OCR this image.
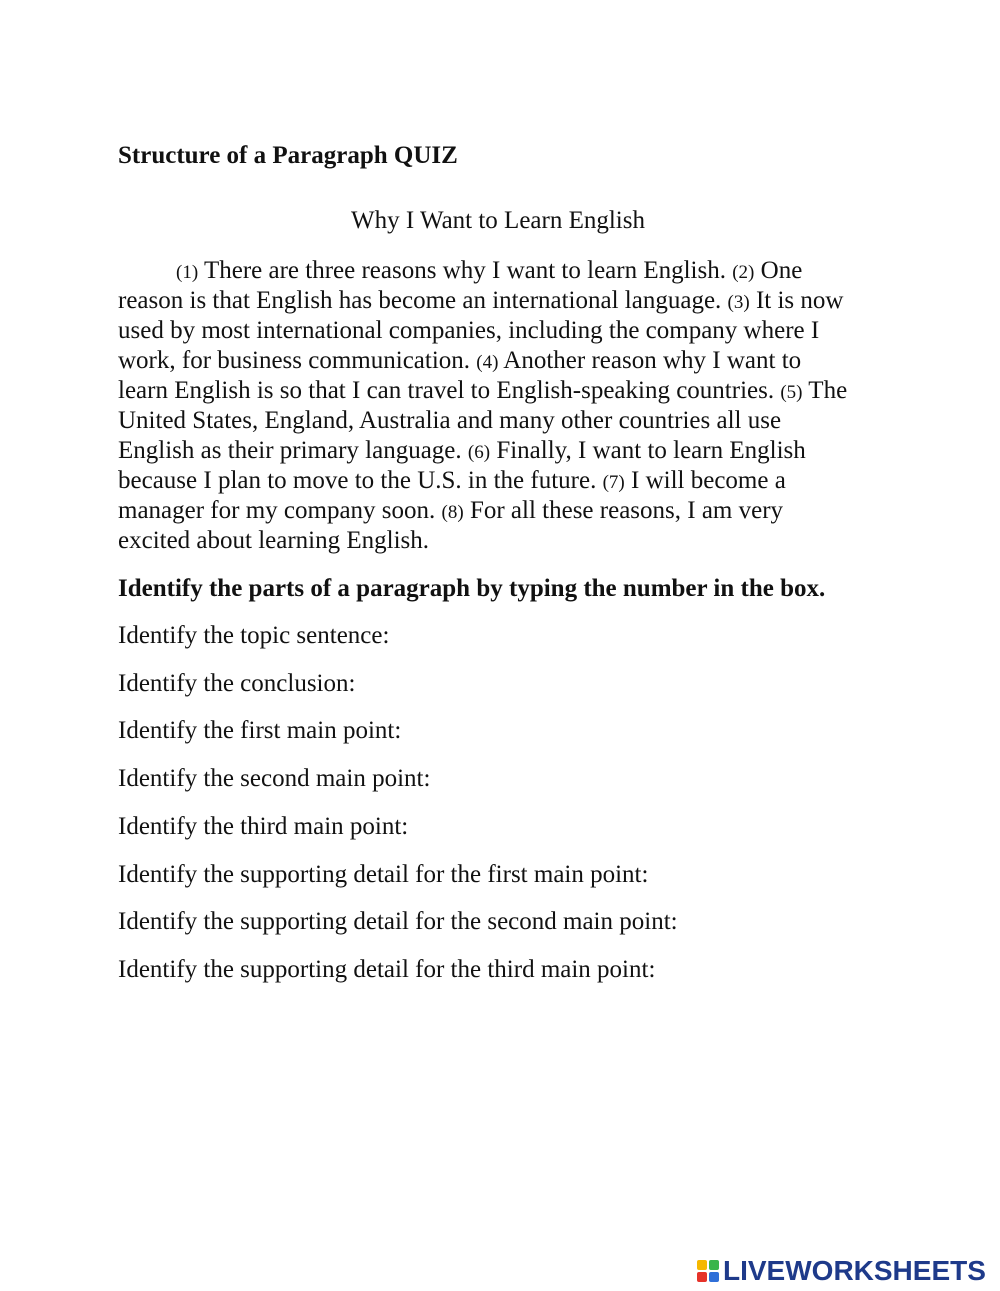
Structure of a Paragraph QUIZ
Why I Want to Learn English
(1) There are three reasons why I want to learn English. (2) One
reason is that English has become an international language. (3) It is now
used by most international companies, including the company where I
work, for business communication. (4) Another reason why I want to
learn English is so that I can travel to English-speaking countries. (5) The
United States, England, Australia and many other countries all use
English as their primary language. (6) Finally, I want to learn English
because I plan to move to the U.S. in the future. (7) I will become a
manager for my company soon. (8) For all these reasons, I am very
excited about learning English.
Identify the parts of a paragraph by typing the number in the box.
Identify the topic sentence:
Identify the conclusion:
Identify the first main point:
Identify the second main point:
Identify the third main point:
Identify the supporting detail for the first main point:
Identify the supporting detail for the second main point:
Identify the supporting detail for the third main point:
LIVEWORKSHEETS
